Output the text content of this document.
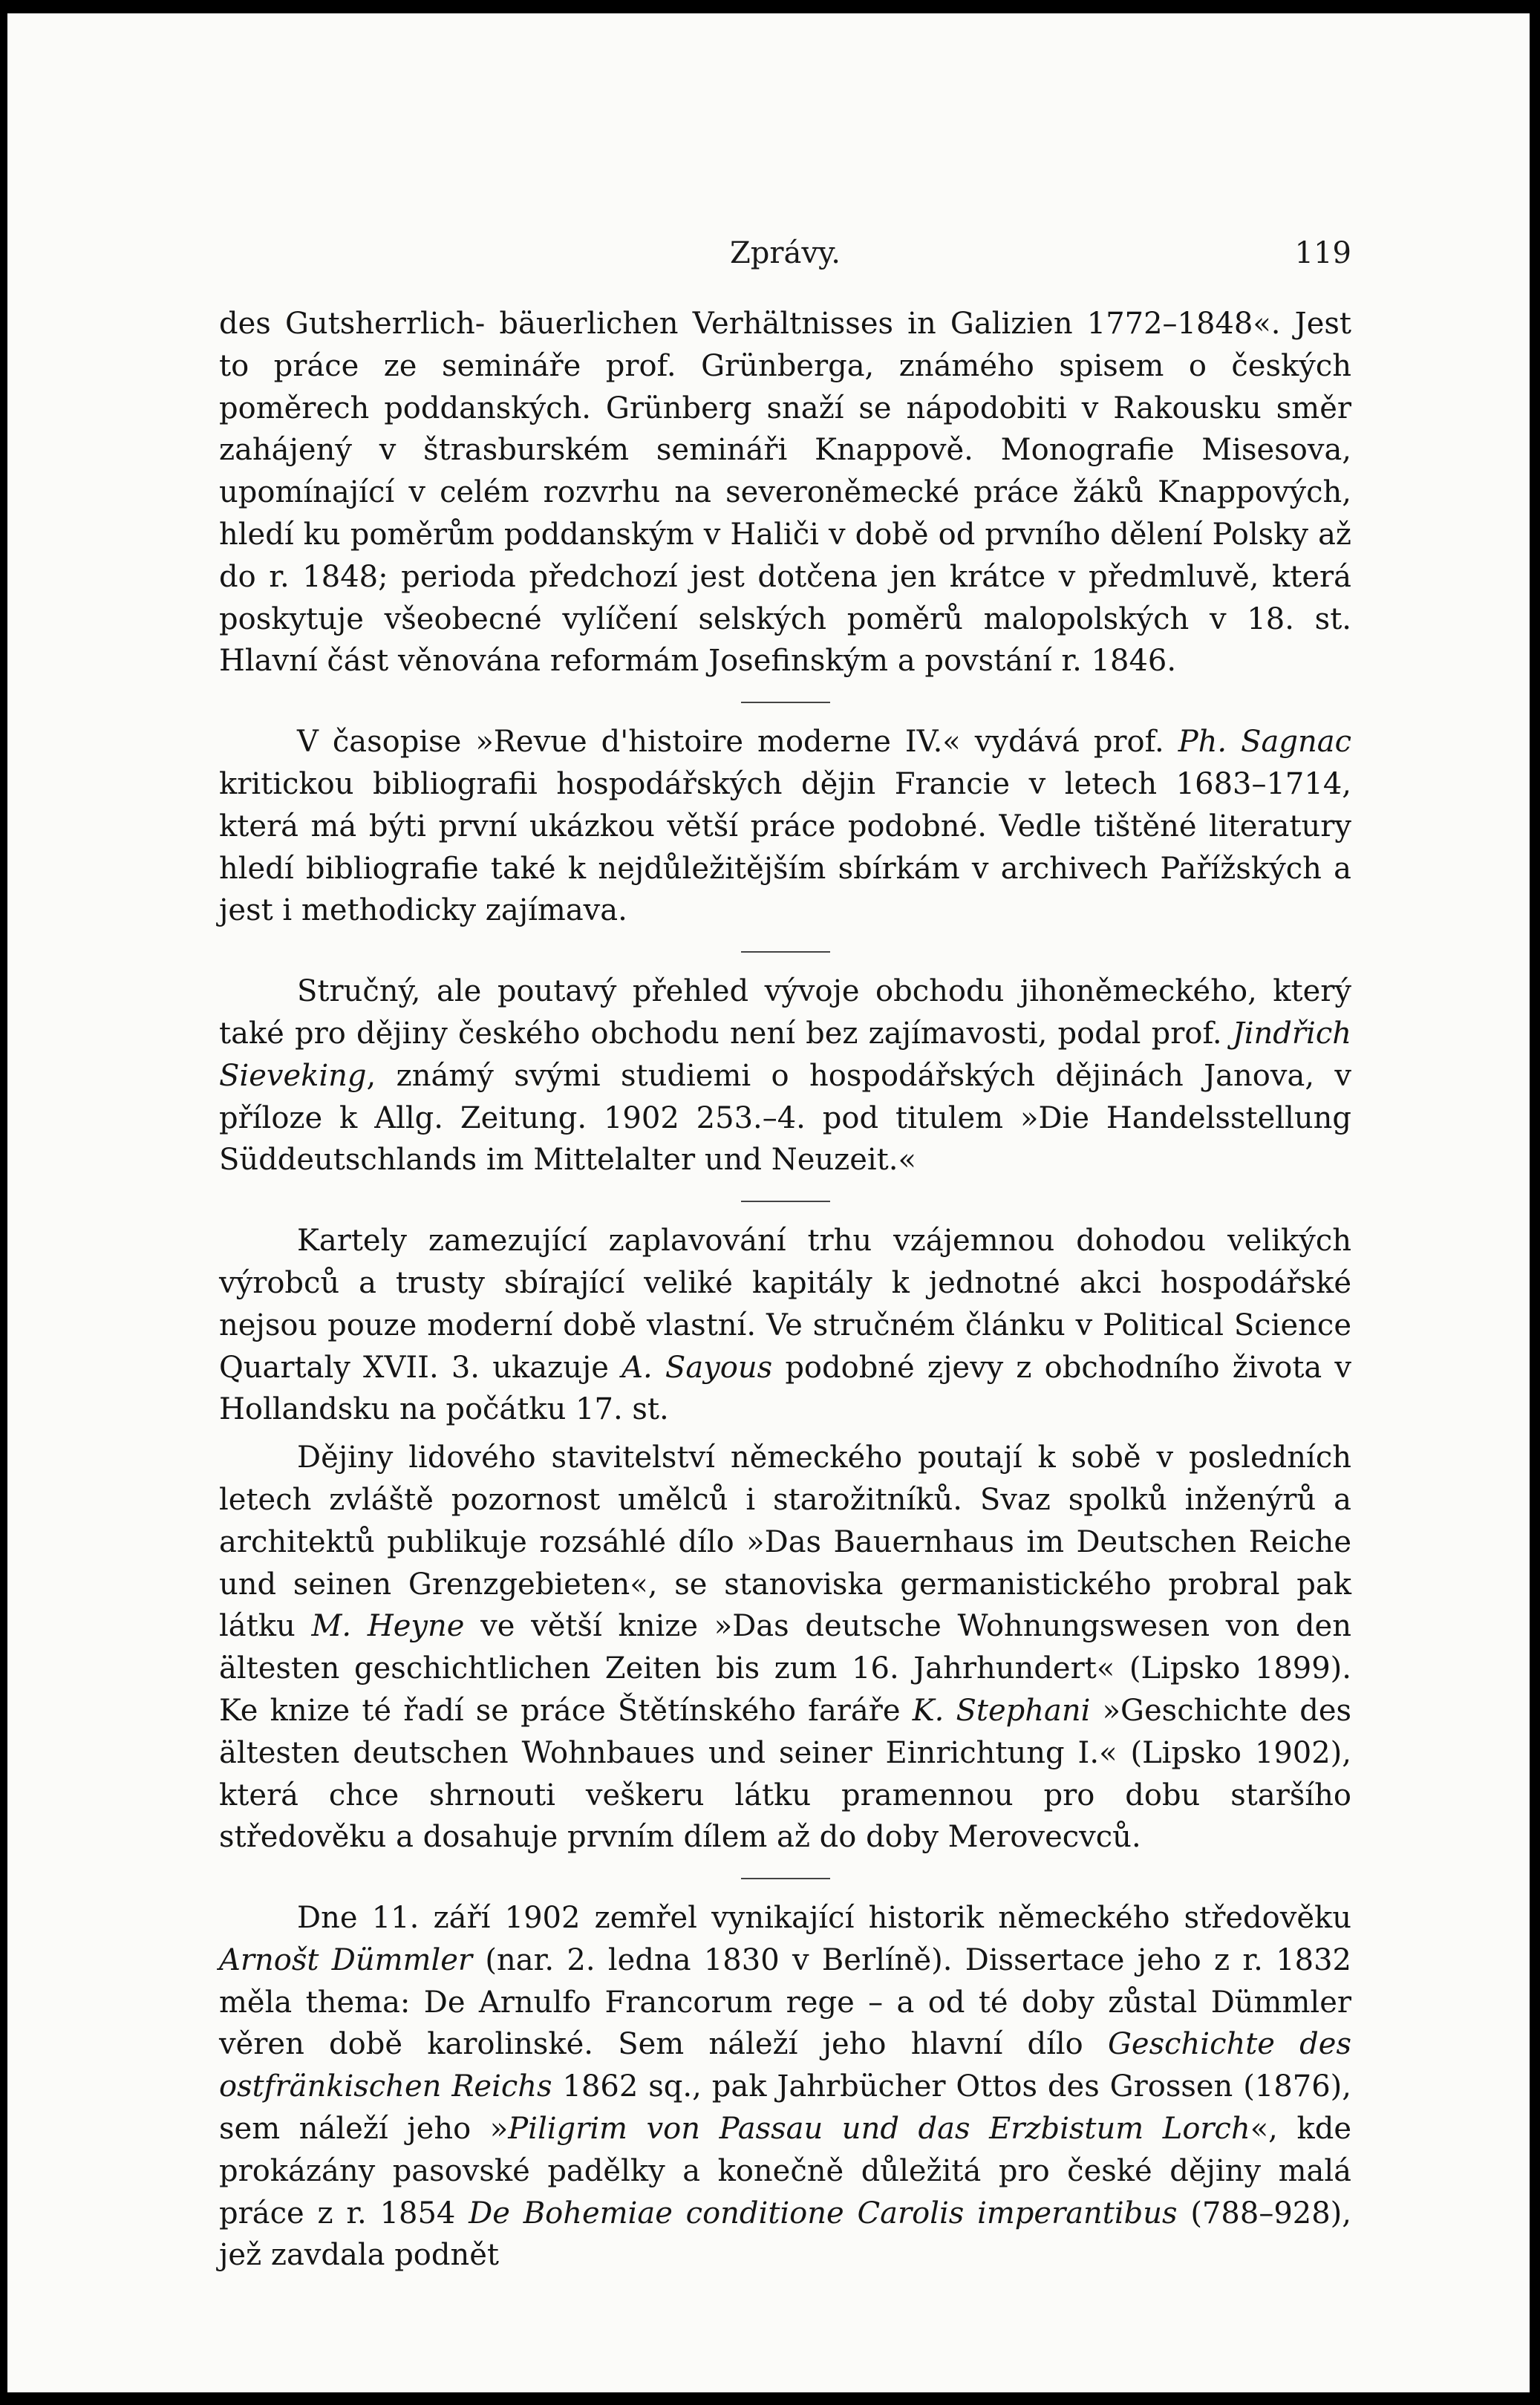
Zprávy.	119

des Gutsherrlich- bäuerlichen Verhältnisses in Galizien 1772–1848«. Jest to práce ze semináře prof. Grünberga, známého spisem o českých poměrech poddanských. Grünberg snaží se nápodobiti v Rakousku směr zahájený v štrasburském semináři Knappově. Monografie Misesova, upomínající v celém rozvrhu na severoněmecké práce žáků Knappových, hledí ku poměrům poddanským v Haliči v době od prvního dělení Polsky až do r. 1848; perioda předchozí jest dotčena jen krátce v předmluvě, která poskytuje všeobecné vylíčení selských poměrů malopolských v 18. st. Hlavní část věnována reformám Josefinským a povstání r. 1846.

V časopise »Revue d'histoire moderne IV.« vydává prof. Ph. Sagnac kritickou bibliografii hospodářských dějin Francie v letech 1683–1714, která má býti první ukázkou větší práce podobné. Vedle tištěné literatury hledí bibliografie také k nejdůležitějším sbírkám v archivech Pařížských a jest i methodicky zajímava.

Stručný, ale poutavý přehled vývoje obchodu jihoněmeckého, který také pro dějiny českého obchodu není bez zajímavosti, podal prof. Jindřich Sieveking, známý svými studiemi o hospodářských dějinách Janova, v příloze k Allg. Zeitung. 1902 253.–4. pod titulem »Die Handelsstellung Süddeutschlands im Mittelalter und Neuzeit.«

Kartely zamezující zaplavování trhu vzájemnou dohodou velikých výrobců a trusty sbírající veliké kapitály k jednotné akci hospodářské nejsou pouze moderní době vlastní. Ve stručném článku v Political Science Quartaly XVII. 3. ukazuje A. Sayous podobné zjevy z obchodního života v Hollandsku na počátku 17. st.

Dějiny lidového stavitelství německého poutají k sobě v posledních letech zvláště pozornost umělců i starožitníků. Svaz spolků inženýrů a architektů publikuje rozsáhlé dílo »Das Bauernhaus im Deutschen Reiche und seinen Grenzgebieten«, se stanoviska germanistického probral pak látku M. Heyne ve větší knize »Das deutsche Wohnungswesen von den ältesten geschichtlichen Zeiten bis zum 16. Jahrhundert« (Lipsko 1899). Ke knize té řadí se práce Štětínského faráře K. Stephani »Geschichte des ältesten deutschen Wohnbaues und seiner Einrichtung I.« (Lipsko 1902), která chce shrnouti veškeru látku pramennou pro dobu staršího středověku a dosahuje prvním dílem až do doby Merovecvců.

Dne 11. září 1902 zemřel vynikající historik německého středověku Arnošt Dümmler (nar. 2. ledna 1830 v Berlíně). Dissertace jeho z r. 1832 měla thema: De Arnulfo Francorum rege – a od té doby zůstal Dümmler věren době karolinské. Sem náleží jeho hlavní dílo Geschichte des ostfränkischen Reichs 1862 sq., pak Jahrbücher Ottos des Grossen (1876), sem náleží jeho »Piligrim von Passau und das Erzbistum Lorch«, kde prokázány pasovské padělky a konečně důležitá pro české dějiny malá práce z r. 1854 De Bohemiae conditione Carolis imperantibus (788–928), jež zavdala podnět
